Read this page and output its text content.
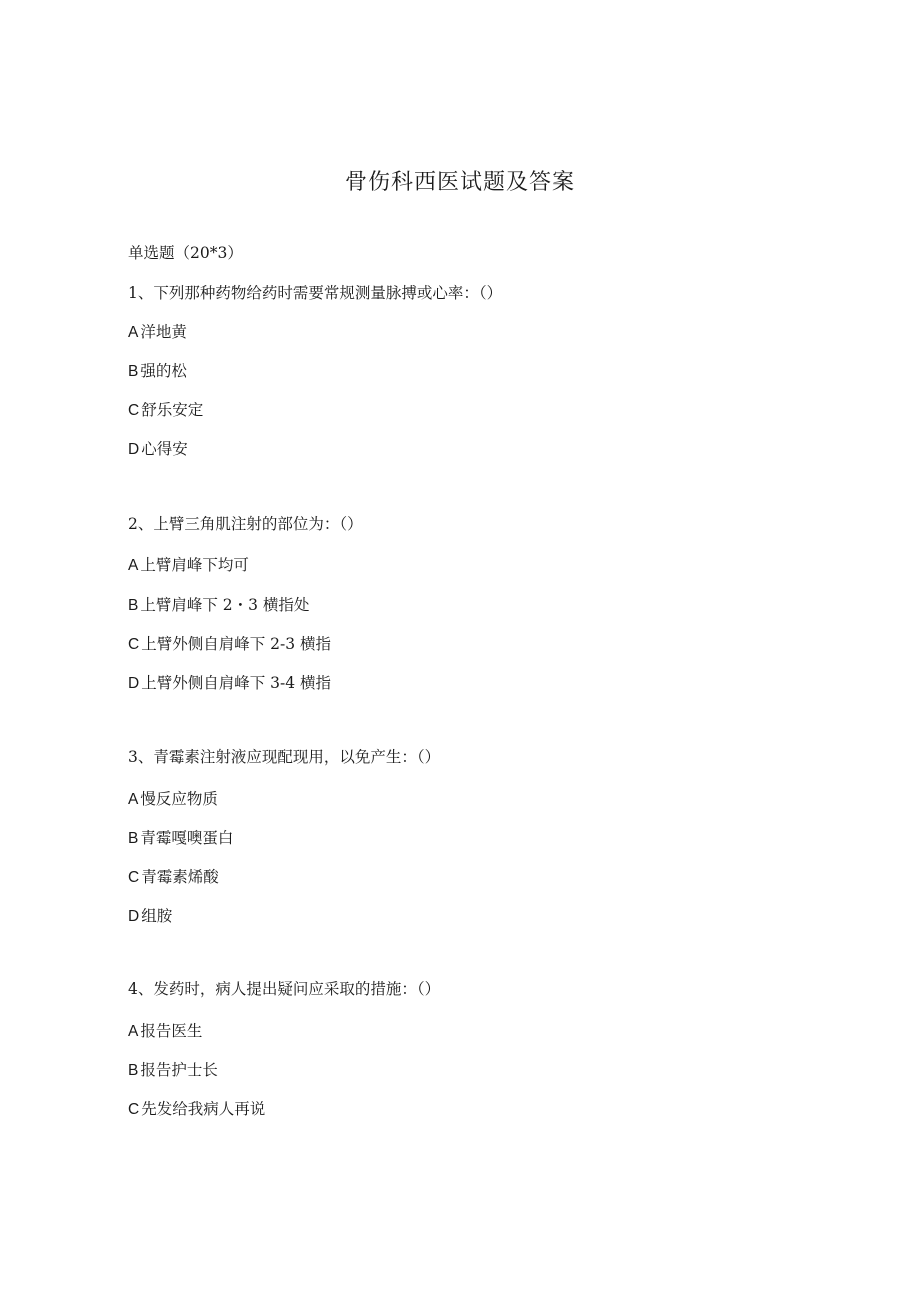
骨伤科西医试题及答案
单选题（20*3）
1、下列那种药物给药时需要常规测量脉搏或心率：（）
A 洋地黄
B 强的松
C 舒乐安定
D 心得安
2、上臂三角肌注射的部位为：（）
A 上臂肩峰下均可
B 上臂肩峰下 2・3 横指处
C 上臂外侧自肩峰下 2-3 横指
D 上臂外侧自肩峰下 3-4 横指
3、青霉素注射液应现配现用，以免产生：（）
A 慢反应物质
B 青霉嘎噢蛋白
C 青霉素烯酸
D 组胺
4、发药时，病人提出疑问应采取的措施：（）
A 报告医生
B 报告护士长
C 先发给我病人再说
